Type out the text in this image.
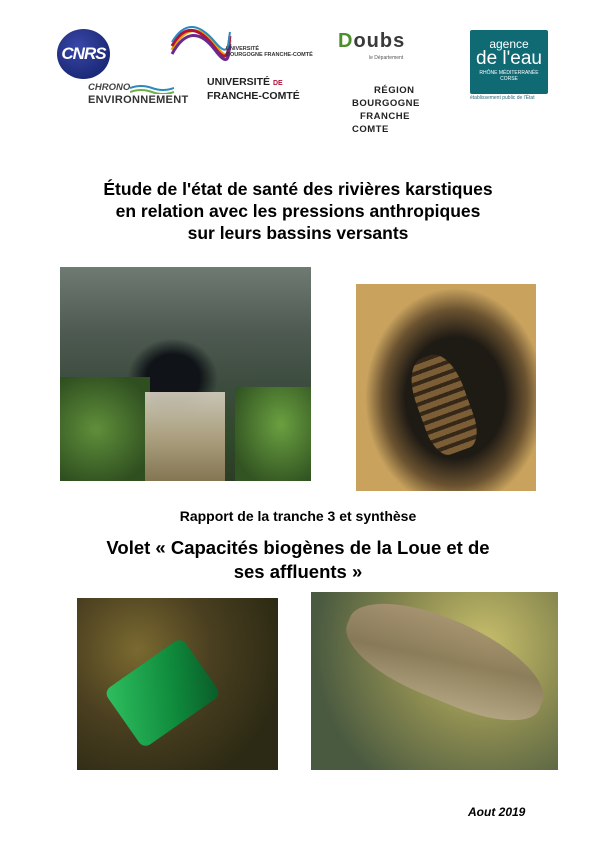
CNRS	UNIVERSITÉ
BOURGOGNE FRANCHE-COMTÉ
Doubs
le Département
agence
de l'eau
RHÔNE MÉDITERRANÉE CORSE
établissement public de l'État
CHRONO
ENVIRONNEMENT
UNIVERSITÉ DE
FRANCHE-COMTÉ	RÉGION
BOURGOGNE
FRANCHE
COMTE
Étude de l'état de santé des rivières karstiques
en relation avec les pressions anthropiques
sur leurs bassins versants
Rapport de la tranche 3 et synthèse
Volet « Capacités biogènes de la Loue et de
ses affluents »
Aout 2019
